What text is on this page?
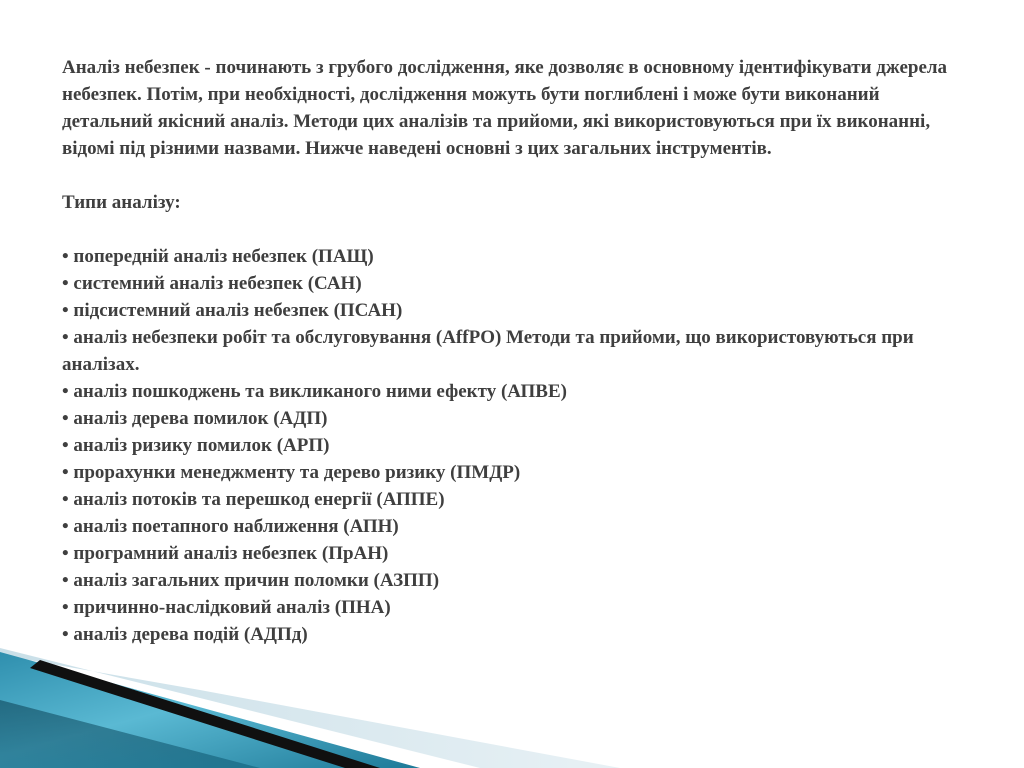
Аналіз небезпек - починають з грубого дослідження, яке дозволяє в основному ідентифікувати джерела небезпек. Потім, при необхідності, дослідження можуть бути поглиблені і може бути виконаний детальний якісний аналіз. Методи цих аналізів та прийоми, які використовуються при їх виконанні, відомі під різними назвами. Нижче наведені основні з цих загальних інструментів.

Типи аналізу:

• попередній аналіз небезпек (ПАЩ)
• системний аналіз небезпек (САН)
• підсистемний аналіз небезпек (ПСАН)
• аналіз небезпеки робіт та обслуговування (AffPO) Методи та прийоми, що використовуються при аналізах.
• аналіз пошкоджень та викликаного ними ефекту (АПВЕ)
• аналіз дерева помилок (АДП)
• аналіз ризику помилок (АРП)
• прорахунки менеджменту та дерево ризику (ПМДР)
• аналіз потоків та перешкод енергії (АППЕ)
• аналіз поетапного наближення (АПН)
• програмний аналіз небезпек (ПрАН)
• аналіз загальних причин поломки (АЗПП)
• причинно-наслідковий аналіз (ПНА)
• аналіз дерева подій (АДПд)
